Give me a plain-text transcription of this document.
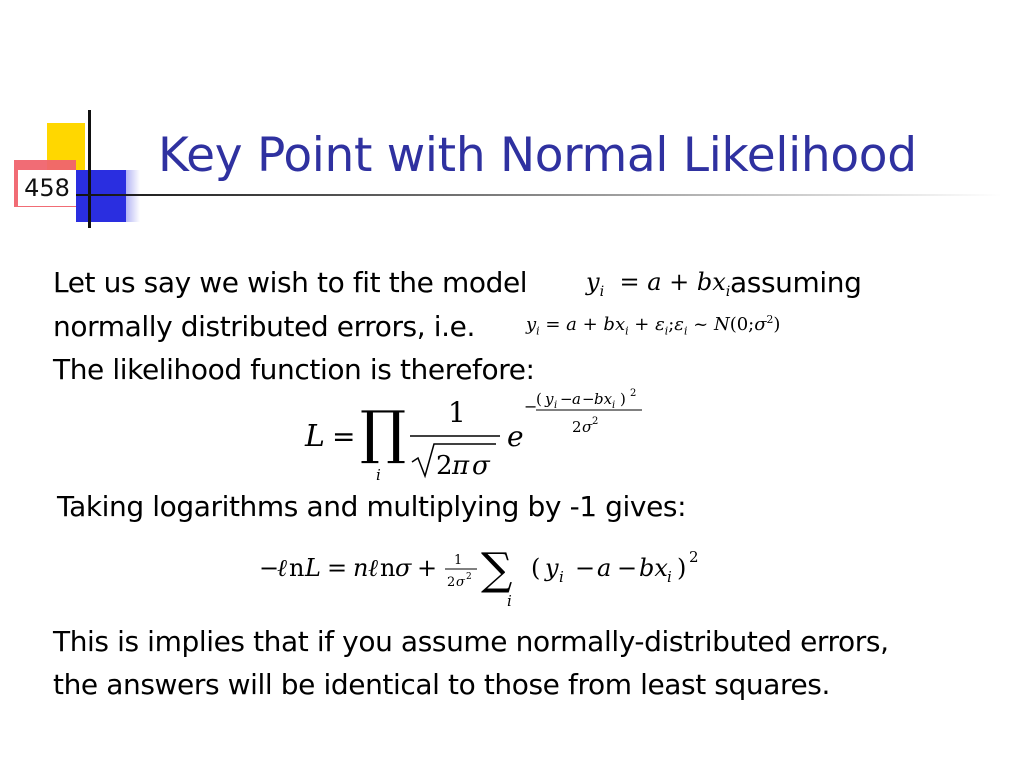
458
Key Point with Normal Likelihood
Let us say we wish to fit the model $y_i = a + bx_i$ assuming
normally distributed errors, i.e.	$y_i = a + bx_i$ + $\varepsilon_i;\varepsilon_i$ ~ $N(0;\sigma^2)$
The likelihood function is therefore:
L = ∏
i
1
2 π σ
e
−
( y i − a − bx i ) 2
2 σ 2
Taking logarithms and multiplying by -1 gives:
−
ℓ n L = n ℓ n σ + 1
2 σ 2 ∑
i
( y i − a − bx i ) 2
This is implies that if you assume normally-distributed errors,
the answers will be identical to those from least squares.
